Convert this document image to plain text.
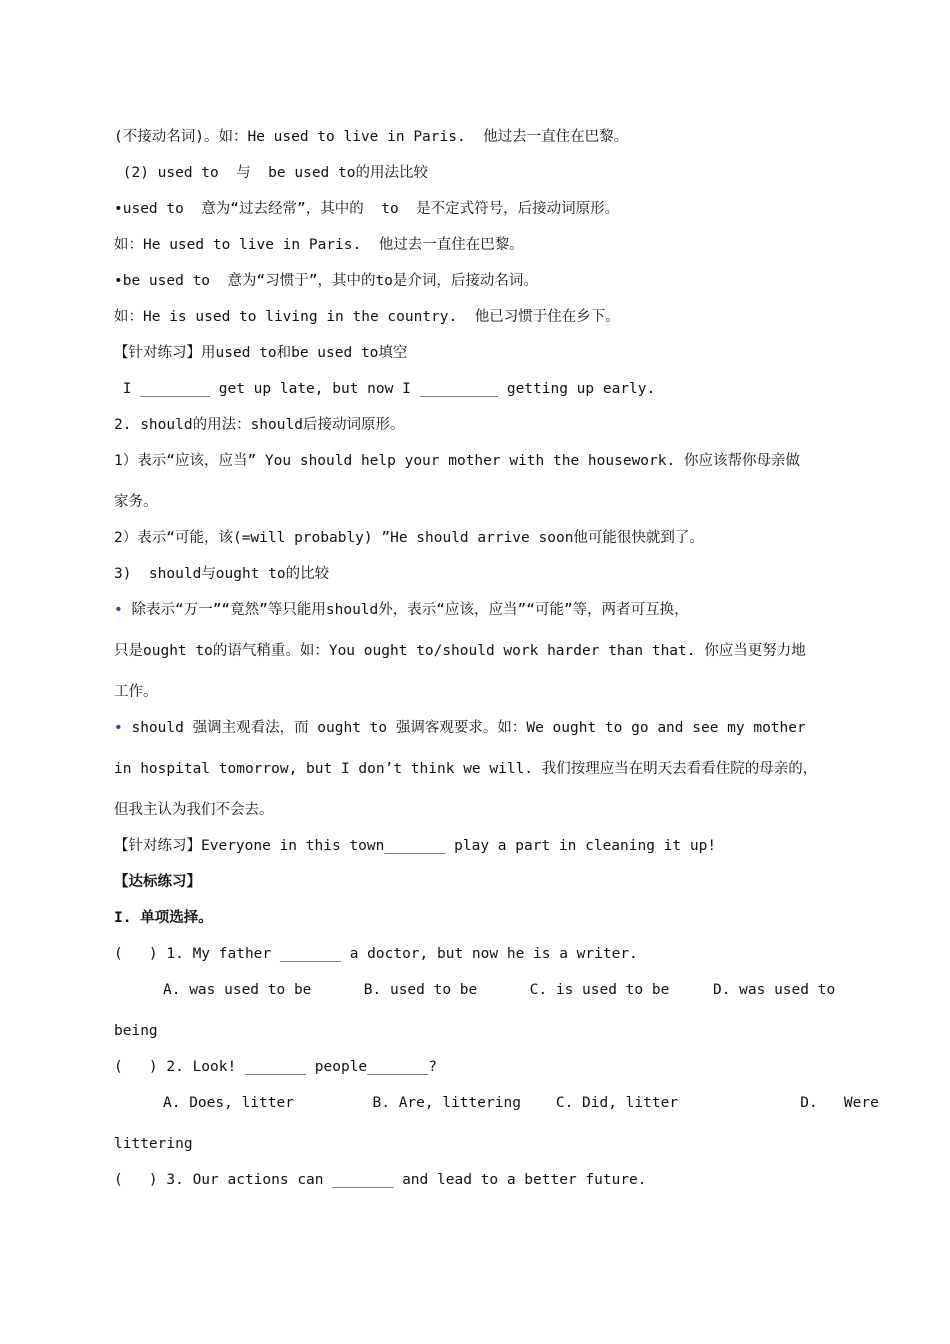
(不接动名词)。如：He used to live in Paris.  他过去一直住在巴黎。
(2) used to  与  be used to的用法比较
•used to  意为“过去经常”，其中的  to  是不定式符号，后接动词原形。
如：He used to live in Paris.  他过去一直住在巴黎。
•be used to  意为“习惯于”，其中的to是介词，后接动名词。
如：He is used to living in the country.  他已习惯于住在乡下。
【针对练习】用used to和be used to填空
I ________ get up late, but now I _________ getting up early.
2. should的用法：should后接动词原形。
1）表示“应该，应当” You should help your mother with the housework. 你应该帮你母亲做
家务。
2）表示“可能，该(=will probably) ”He should arrive soon他可能很快就到了。
3)  should与ought to的比较
• 除表示“万一”“竟然”等只能用should外，表示“应该，应当”“可能”等，两者可互换，
只是ought to的语气稍重。如：You ought to/should work harder than that. 你应当更努力地
工作。
• should 强调主观看法，而 ought to 强调客观要求。如：We ought to go and see my mother
in hospital tomorrow, but I don’t think we will. 我们按理应当在明天去看看住院的母亲的，
但我主认为我们不会去。
【针对练习】Everyone in this town_______ play a part in cleaning it up!
【达标练习】
I. 单项选择。
(   ) 1. My father _______ a doctor, but now he is a writer.
A. was used to be      B. used to be      C. is used to be     D. was used to
being
(   ) 2. Look! _______ people_______?
A. Does, litter         B. Are, littering    C. Did, litter              D.   Were
littering
(   ) 3. Our actions can _______ and lead to a better future.
